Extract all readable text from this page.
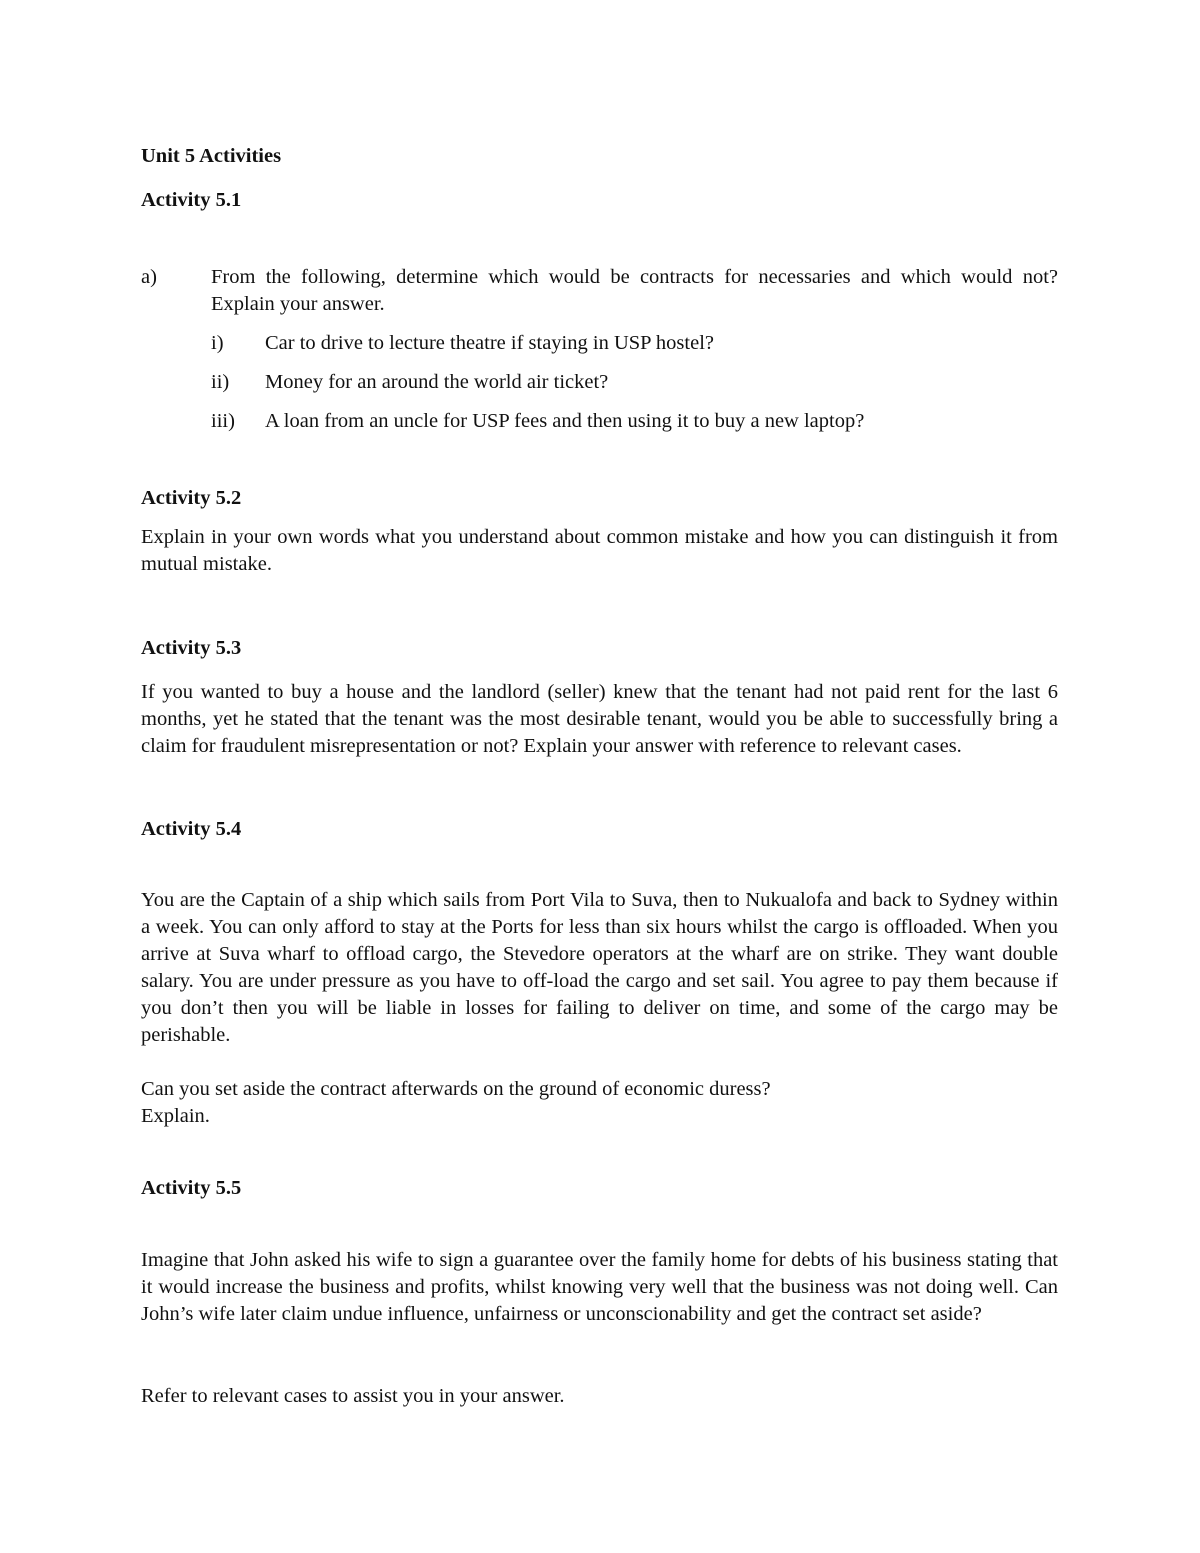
Unit 5 Activities
Activity 5.1
a)	From the following, determine which would be contracts for necessaries and which would not? Explain your answer.
i) Car to drive to lecture theatre if staying in USP hostel?
ii) Money for an around the world air ticket?
iii) A loan from an uncle for USP fees and then using it to buy a new laptop?
Activity 5.2
Explain in your own words what you understand about common mistake and how you can distinguish it from mutual mistake.
Activity 5.3
If you wanted to buy a house and the landlord (seller) knew that the tenant had not paid rent for the last 6 months, yet he stated that the tenant was the most desirable tenant, would you be able to successfully bring a claim for fraudulent misrepresentation or not? Explain your answer with reference to relevant cases.
Activity 5.4
You are the Captain of a ship which sails from Port Vila to Suva, then to Nukualofa and back to Sydney within a week. You can only afford to stay at the Ports for less than six hours whilst the cargo is offloaded. When you arrive at Suva wharf to offload cargo, the Stevedore operators at the wharf are on strike. They want double salary. You are under pressure as you have to off-load the cargo and set sail. You agree to pay them because if you don’t then you will be liable in losses for failing to deliver on time, and some of the cargo may be perishable.
Can you set aside the contract afterwards on the ground of economic duress?
Explain.
Activity 5.5
Imagine that John asked his wife to sign a guarantee over the family home for debts of his business stating that it would increase the business and profits, whilst knowing very well that the business was not doing well. Can John’s wife later claim undue influence, unfairness or unconscionability and get the contract set aside?
Refer to relevant cases to assist you in your answer.
